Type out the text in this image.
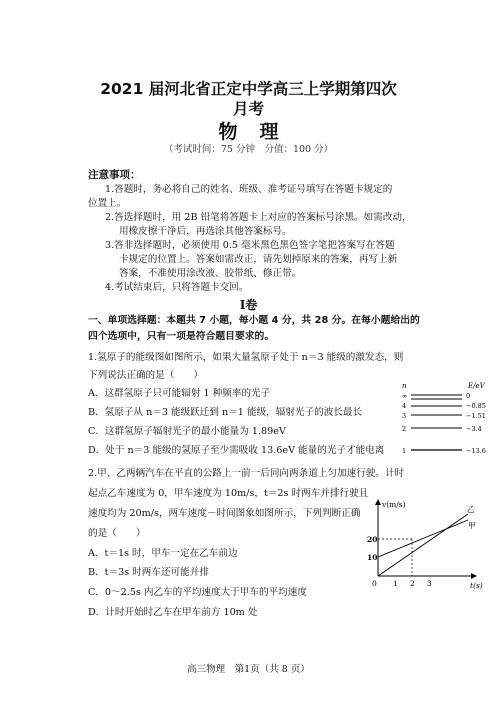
2021 届河北省正定中学高三上学期第四次
月考
物理
（考试时间：75 分钟　分值：100 分）
注意事项：
1.答题时，务必将自己的姓名、班级、准考证号填写在答题卡规定的
位置上。
2.答选择题时，用 2B 铅笔将答题卡上对应的答案标号涂黑。如需改动，
用橡皮擦干净后，再选涂其他答案标号。
3.答非选择题时，必须使用 0.5 毫米黑色黑色签字笔把答案写在答题
卡规定的位置上。答案如需改正，请先划掉原来的答案，再写上新
答案，不准使用涂改液、胶带纸、修正带。
4.考试结束后，只将答题卡交回。
Ⅰ卷
一、单项选择题：本题共 7 小题，每小题 4 分，共 28 分。在每小题给出的
四个选项中，只有一项是符合题目要求的。
1.氢原子的能级图如图所示，如果大量氢原子处于 n＝3 能级的激发态，则
下列说法正确的是（　　）
A．这群氢原子只可能辐射 1 种频率的光子
B．氢原子从 n＝3 能级跃迁到 n＝1 能级，辐射光子的波长最长
C．这群氢原子辐射光子的最小能量为 1.89eV
D．处于 n＝3 能级的氢原子至少需吸收 13.6eV 能量的光子才能电离
n	E/eV
∞
4
3
2
1
0
−0.85
−1.51
−3.4
−13.6
2.甲、乙两辆汽车在平直的公路上一前一后同向两条道上匀加速行驶。计时
起点乙车速度为 0，甲车速度为 10m/s，t＝2s 时两车并排行驶且
速度均为 20m/s，两车速度－时间图象如图所示，下列判断正确
的是（　　）
A．t＝1s 时，甲车一定在乙车前边
B．t＝3s 时两车还可能并排
C．0～2.5s 内乙车的平均速度大于甲车的平均速度
D．计时开始时乙车在甲车前方 10m 处
v(m/s)
t(s)
0
20
10
1 2 3
乙
甲
高三物理　第1页（共 8 页）
